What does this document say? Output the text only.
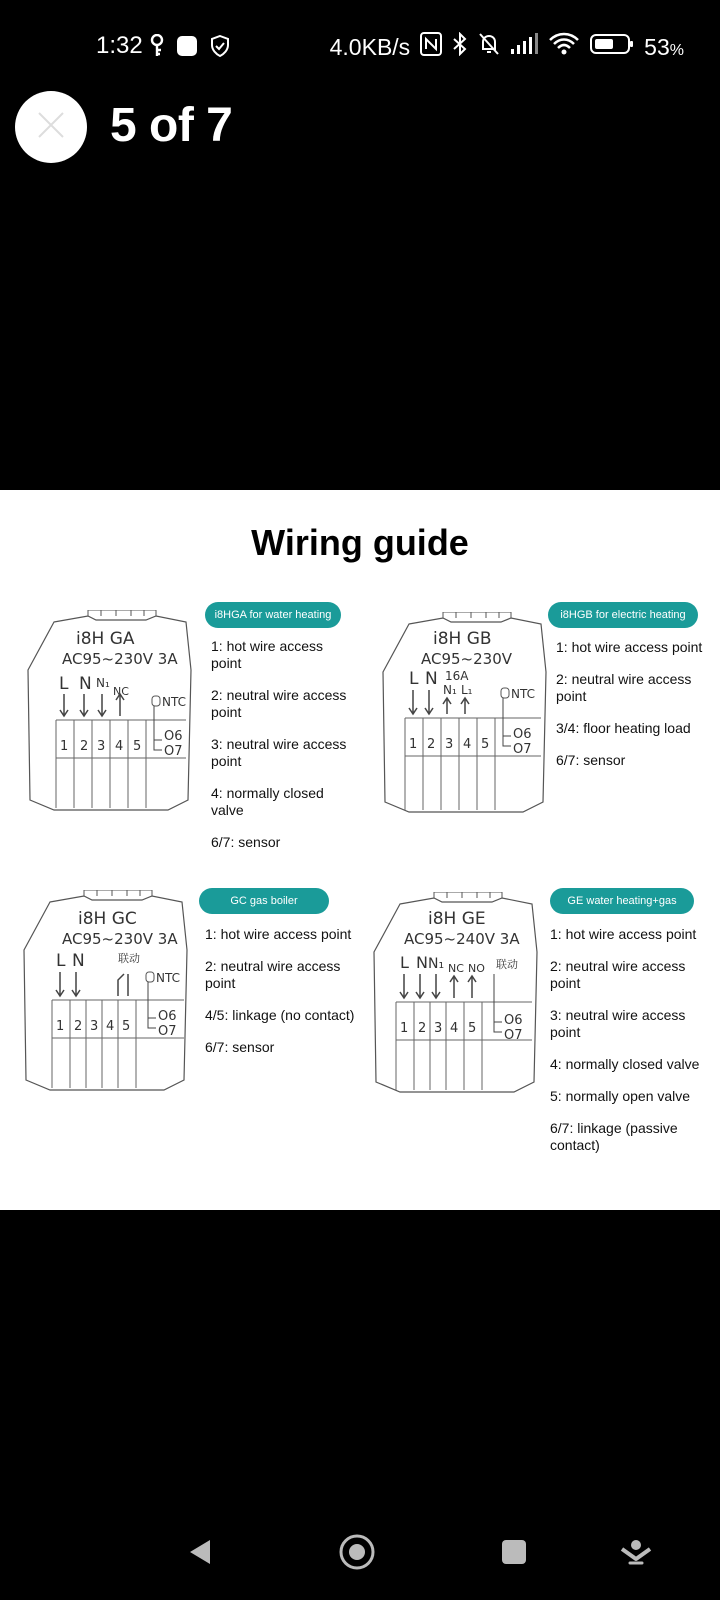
1:32	4.0KB/s	53%
5 of 7
Wiring guide
i8H GA
AC95~230V 3A
L N N₁
NC
NTC
1 2 3 4 5
O6
O7
i8HGA for water heating

1: hot wire access point

2: neutral wire access point

3: neutral wire access point

4: normally closed valve

6/7: sensor

i8H GB
AC95~230V
L N 16A
N₁ L₁	NTC
1 2 3 4 5
O6
O7
i8HGB for electric heating

1: hot wire access point

2: neutral wire access point

3/4: floor heating load

6/7: sensor

i8H GC
AC95~230V 3A
L N	联动
NTC
1 2 3 4 5
O6
O7
GC gas boiler

1: hot wire access point

2: neutral wire access point

4/5: linkage (no contact)

6/7: sensor

i8H GE
AC95~240V 3A
L N N₁ NC NO 联动
1 2 3 4 5
O6
O7
GE water heating+gas

1: hot wire access point

2: neutral wire access point

3: neutral wire access point

4: normally closed valve

5: normally open valve

6/7: linkage (passive contact)
